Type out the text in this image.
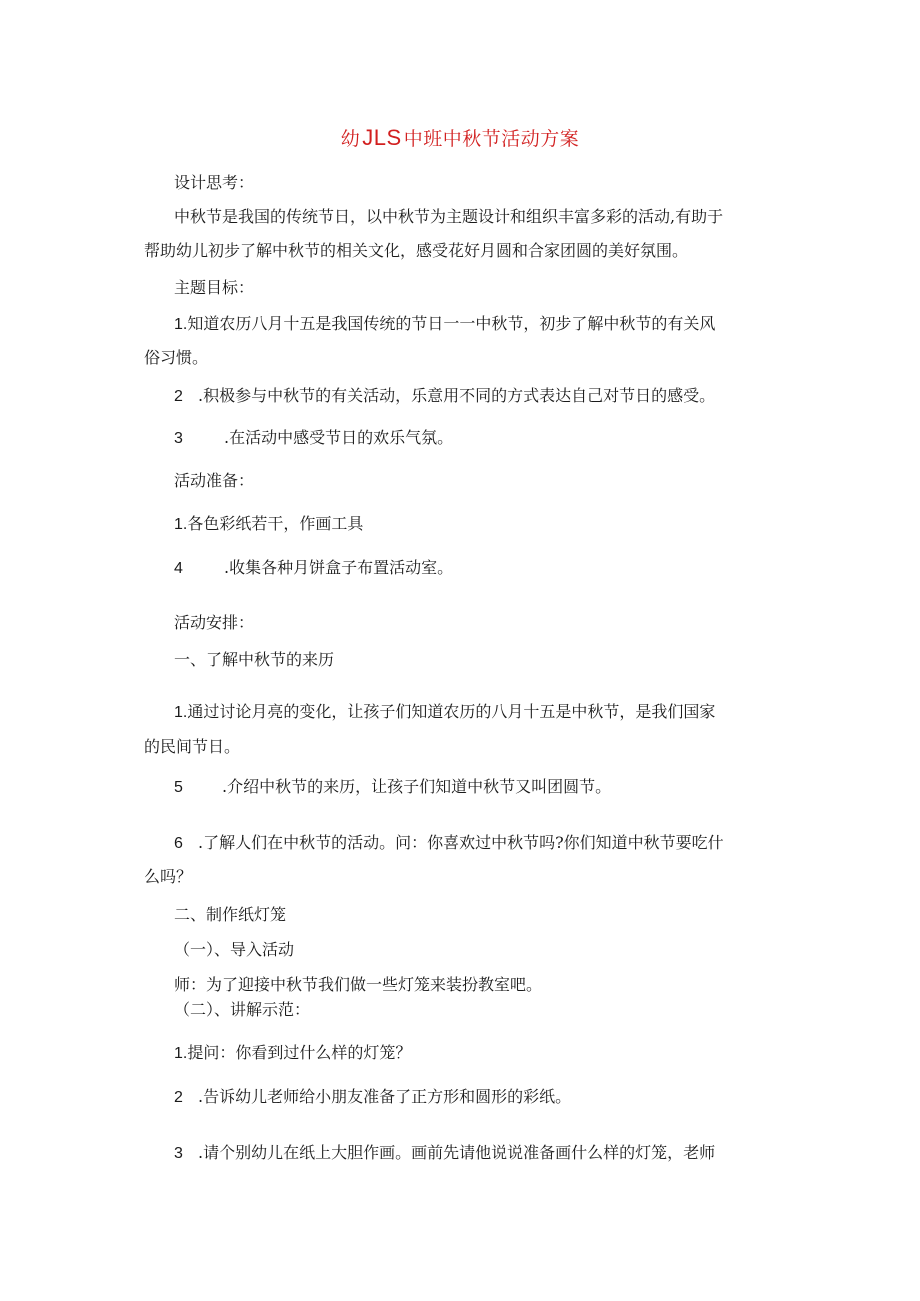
幼JLS 中班中秋节活动方案
设计思考：
中秋节是我国的传统节日，以中秋节为主题设计和组织丰富多彩的活动,有助于
帮助幼儿初步了解中秋节的相关文化，感受花好月圆和合家团圆的美好氛围。
主题目标：
1.知道农历八月十五是我国传统的节日一一中秋节，初步了解中秋节的有关风
俗习惯。
2 .积极参与中秋节的有关活动，乐意用不同的方式表达自己对节日的感受。
3	.在活动中感受节日的欢乐气氛。
活动准备：
1.各色彩纸若干，作画工具
4	.收集各种月饼盒子布置活动室。
活动安排：
一、了解中秋节的来历
1.通过讨论月亮的变化，让孩子们知道农历的八月十五是中秋节，是我们国家
的民间节日。
5 .介绍中秋节的来历，让孩子们知道中秋节又叫团圆节。
6 .了解人们在中秋节的活动。问：你喜欢过中秋节吗?你们知道中秋节要吃什
么吗？
二、制作纸灯笼
（一）、导入活动
师：为了迎接中秋节我们做一些灯笼来装扮教室吧。
（二）、讲解示范：
1.提问：你看到过什么样的灯笼？
2 .告诉幼儿老师给小朋友准备了正方形和圆形的彩纸。
3 .请个别幼儿在纸上大胆作画。画前先请他说说准备画什么样的灯笼，老师
